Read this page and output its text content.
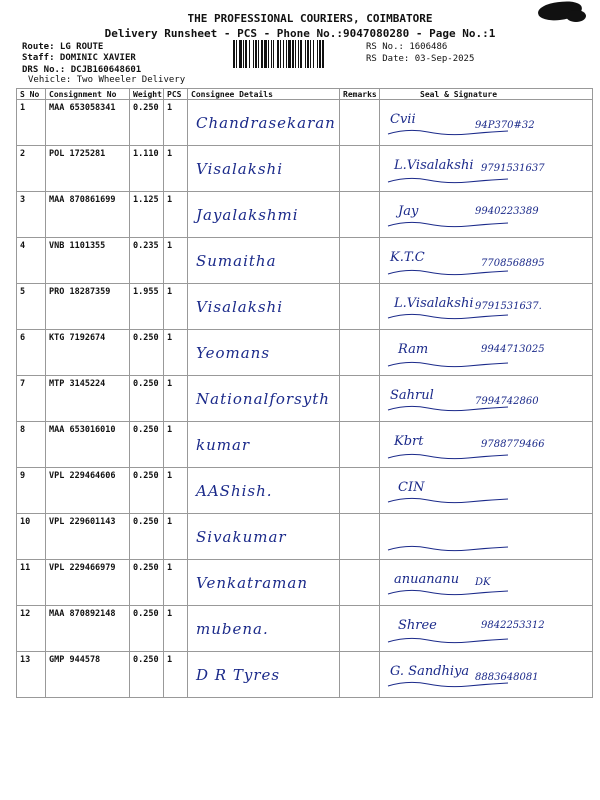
THE PROFESSIONAL COURIERS, COIMBATORE
Delivery Runsheet - PCS - Phone No.:9047080280 - Page No.:1
Route: LG ROUTE
Staff: DOMINIC XAVIER
DRS No.: DCJB160648601
Vehicle: Two Wheeler Delivery
RS No.: 1606486
RS Date: 03-Sep-2025
S No	Consignment No	Weight	PCS	Consignee Details	Remarks	Seal & Signature
1	MAA 653058341	0.250	1	Chandrasekaran		Cvii 94P370#32

2	POL 1725281	1.110	1	Visalakshi		L.Visalakshi 9791531637

3	MAA 870861699	1.125	1	Jayalakshmi		Jay 9940223389

4	VNB 1101355	0.235	1	Sumaitha		K.T.C 7708568895

5	PRO 18287359	1.955	1	Visalakshi		L.Visalakshi 9791531637.

6	KTG 7192674	0.250	1	Yeomans		Ram 9944713025

7	MTP 3145224	0.250	1	Nationalforsyth		Sahrul 7994742860

8	MAA 653016010	0.250	1	kumar		Kbrt 9788779466

9	VPL 229464606	0.250	1	AAShish.		CIN

10	VPL 229601143	0.250	1	Sivakumar

11	VPL 229466979	0.250	1	Venkatraman		anuananu DK

12	MAA 870892148	0.250	1	mubena.		Shree 9842253312

13	GMP 944578	0.250	1	D R Tyres		G. Sandhiya 8883648081
